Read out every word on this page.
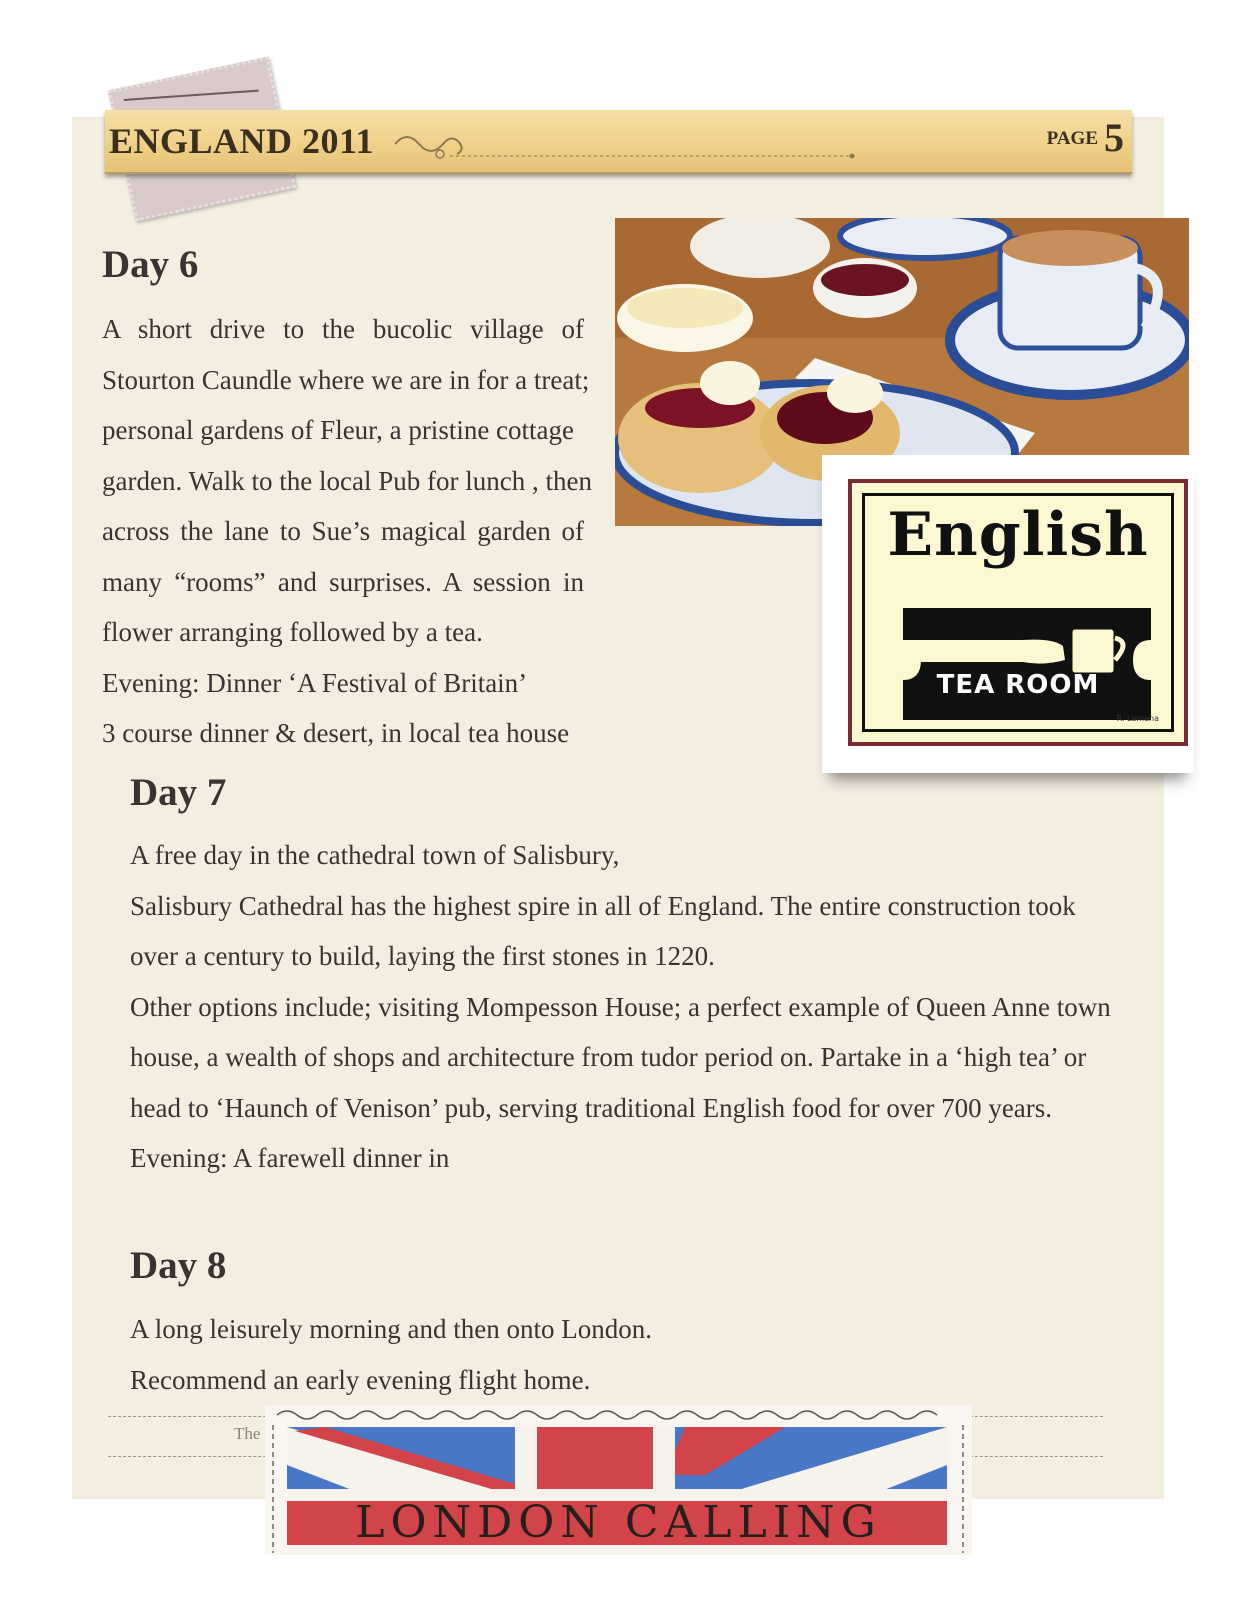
ENGLAND 2011	PAGE 5
Day 6

A short drive to the bucolic village of

Stourton Caundle where we are in for a treat;

personal gardens of Fleur, a pristine cottage

garden. Walk to the local Pub for lunch , then

across the lane to Sue’s magical garden of

many “rooms” and surprises. A session in

flower arranging followed by a tea.

Evening: Dinner ‘A Festival of Britain’

3 course dinner & desert, in local tea house

English
TEA ROOM
R. Lamana
Day 7

A free day in the cathedral town of Salisbury,

Salisbury Cathedral has the highest spire in all of England. The entire construction took

over a century to build, laying the first stones in 1220.

Other options include; visiting Mompesson House; a perfect example of Queen Anne town

house, a wealth of shops and architecture from tudor period on. Partake in a ‘high tea’ or

head to ‘Haunch of Venison’ pub, serving traditional English food for over 700 years.

Evening: A farewell dinner in

Day 8

A long leisurely morning and then onto London.

Recommend an early evening flight home.

The
LONDON CALLING
